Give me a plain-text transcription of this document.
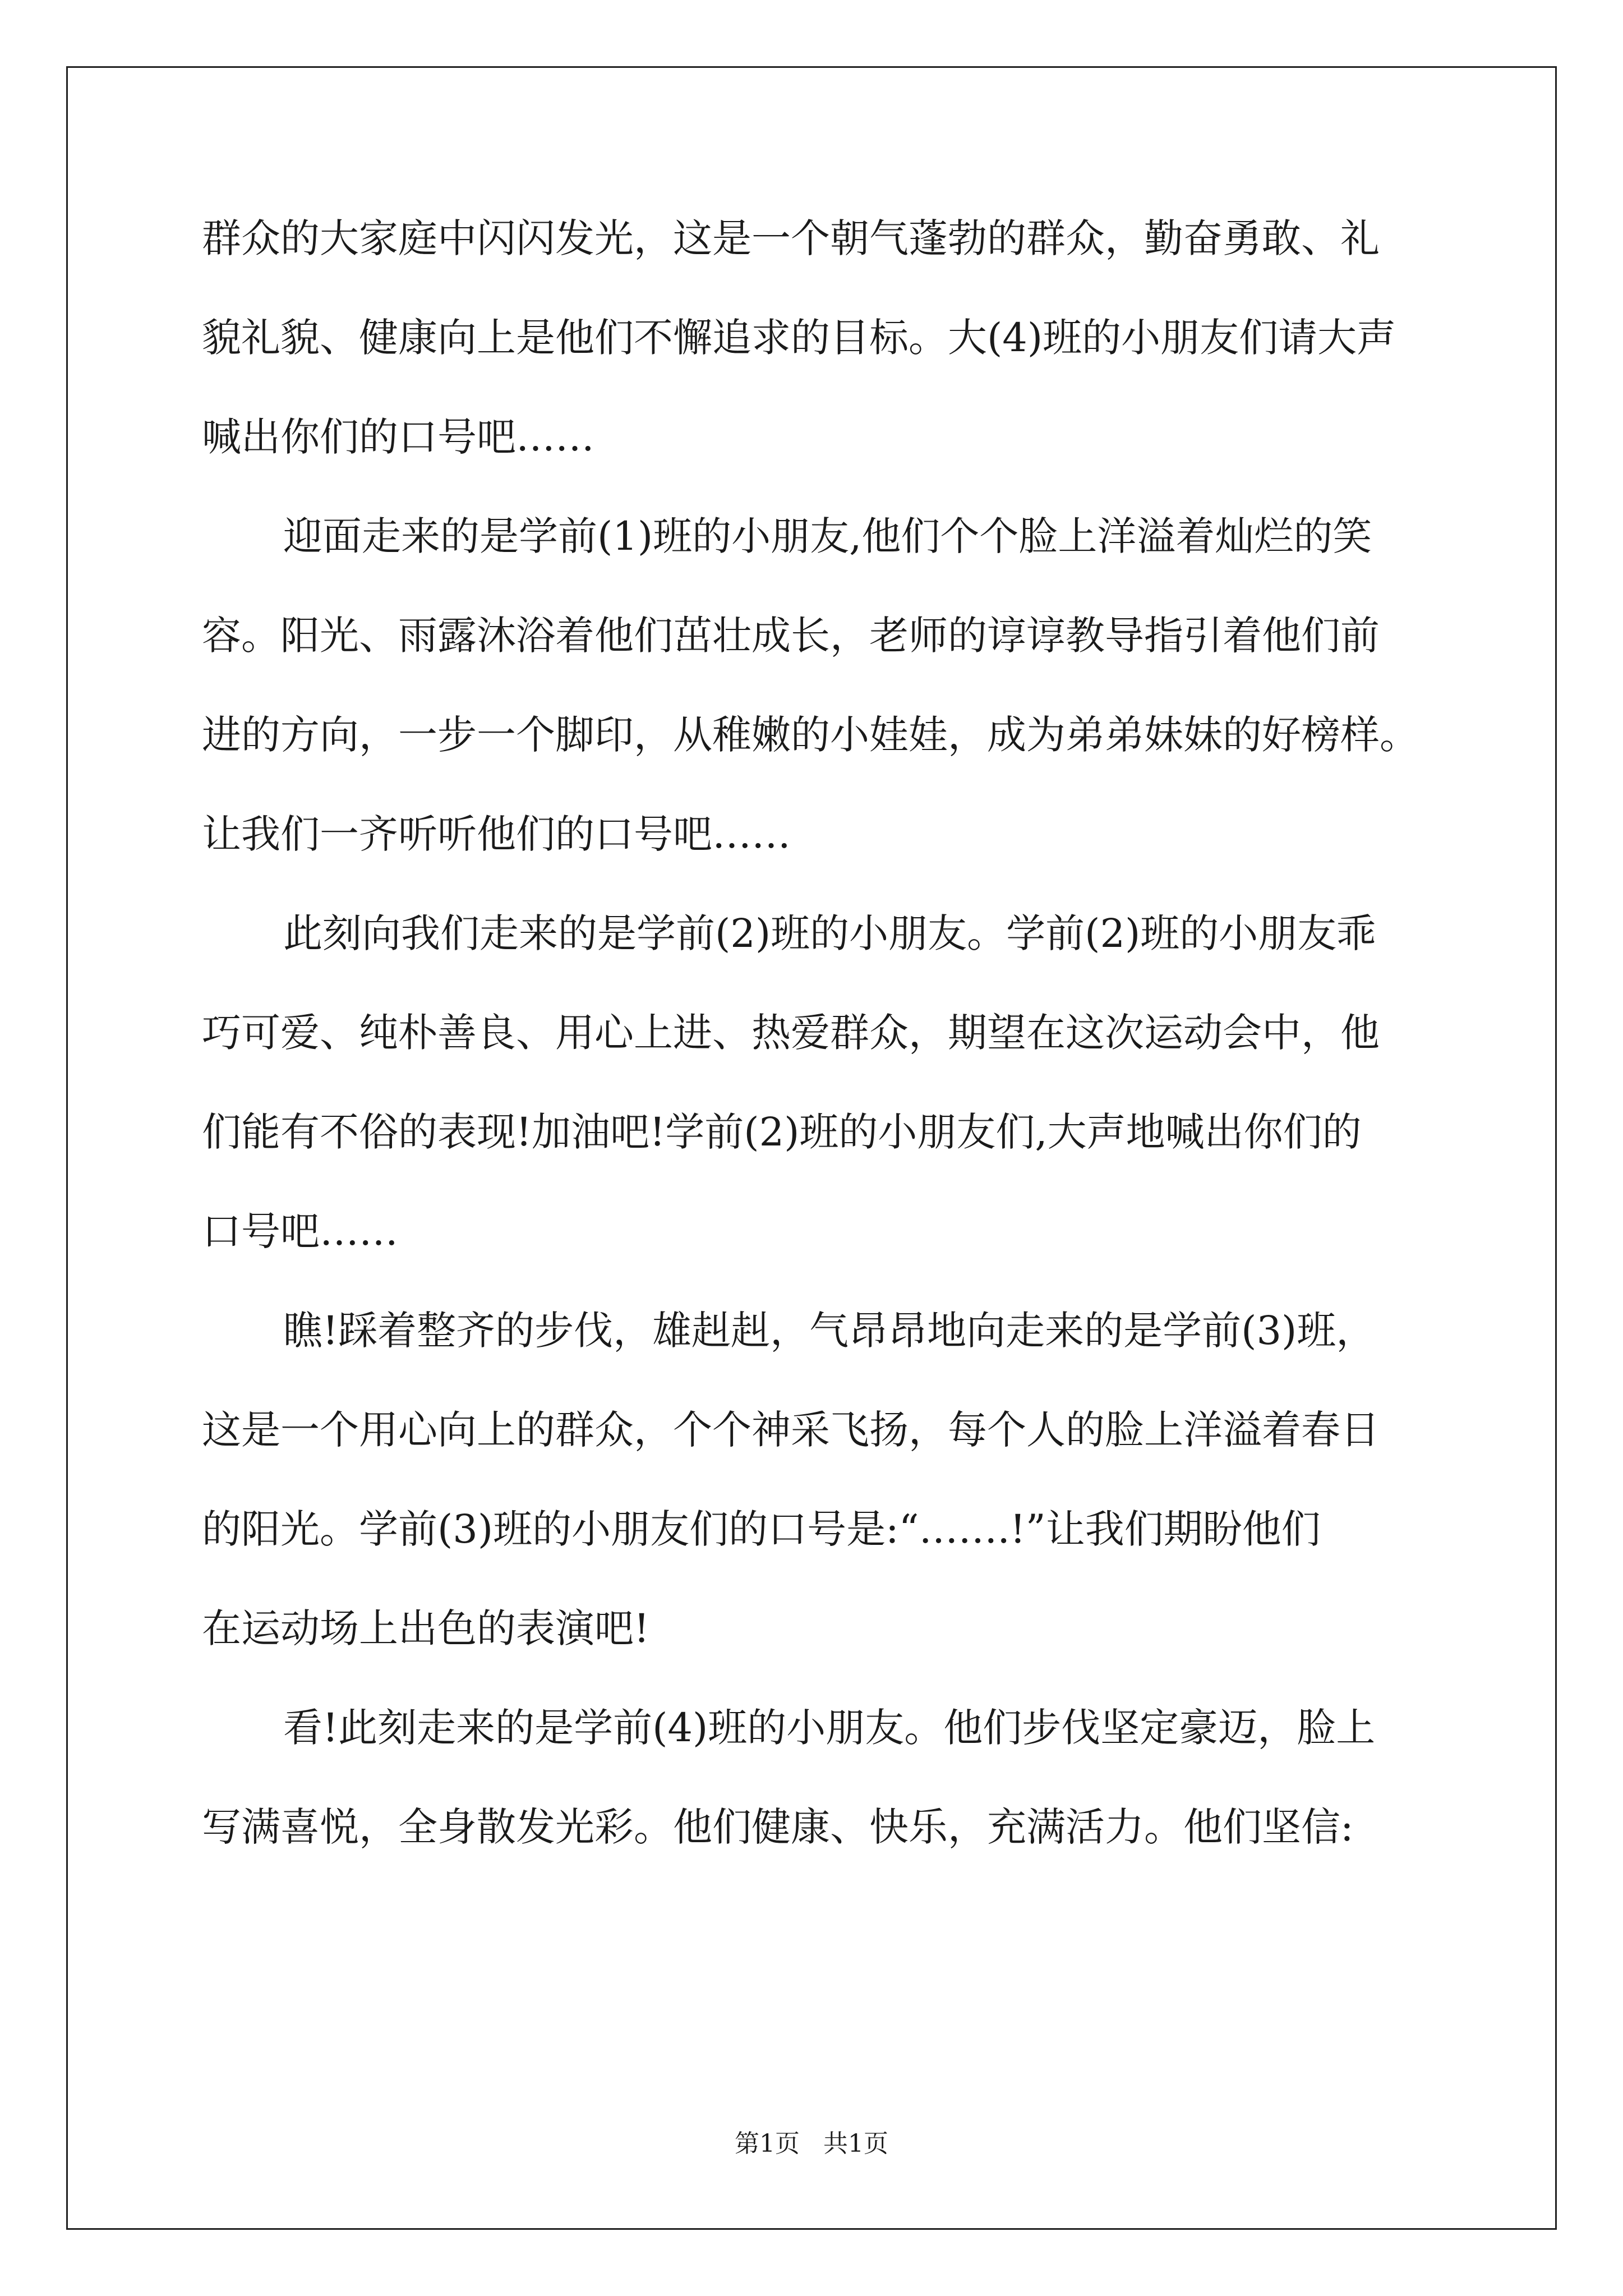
群众的大家庭中闪闪发光，这是一个朝气蓬勃的群众，勤奋勇敢、礼
貌礼貌、健康向上是他们不懈追求的目标。大(4)班的小朋友们请大声
喊出你们的口号吧……
迎面走来的是学前(1)班的小朋友,他们个个脸上洋溢着灿烂的笑
容。阳光、雨露沐浴着他们茁壮成长，老师的谆谆教导指引着他们前
进的方向，一步一个脚印，从稚嫩的小娃娃，成为弟弟妹妹的好榜样。
让我们一齐听听他们的口号吧……
此刻向我们走来的是学前(2)班的小朋友。学前(2)班的小朋友乖
巧可爱、纯朴善良、用心上进、热爱群众，期望在这次运动会中，他
们能有不俗的表现!加油吧!学前(2)班的小朋友们,大声地喊出你们的
口号吧……
瞧!踩着整齐的步伐，雄赳赳，气昂昂地向走来的是学前(3)班，
这是一个用心向上的群众，个个神采飞扬，每个人的脸上洋溢着春日
的阳光。学前(3)班的小朋友们的口号是:“…….!”让我们期盼他们
在运动场上出色的表演吧!
看!此刻走来的是学前(4)班的小朋友。他们步伐坚定豪迈，脸上
写满喜悦，全身散发光彩。他们健康、快乐，充满活力。他们坚信:
第1页   共1页
